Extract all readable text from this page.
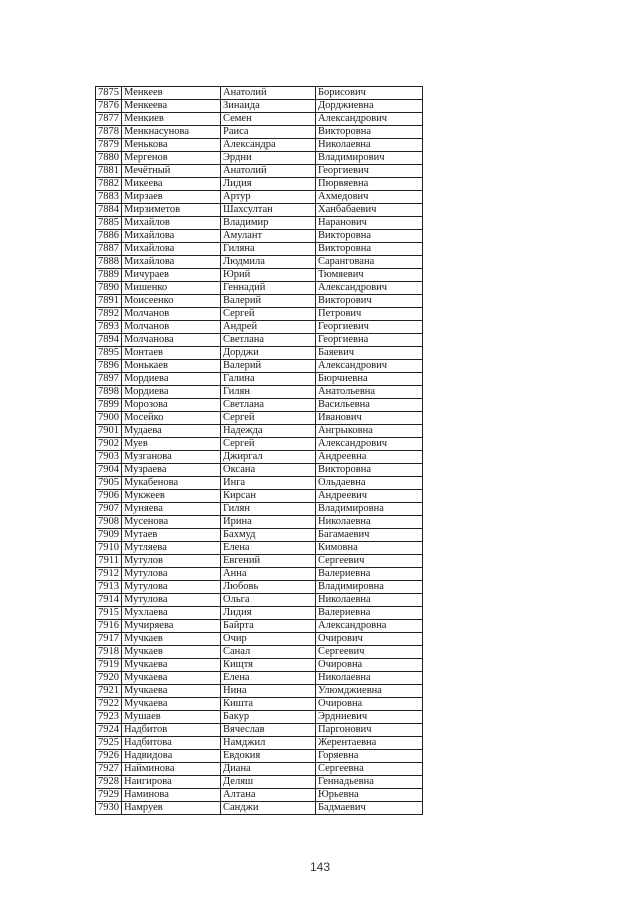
7875	Менкеев	Анатолий	Борисович
7876	Менкеева	Зинаида	Дорджиевна
7877	Менкиев	Семен	Александрович
7878	Менкнасунова	Раиса	Викторовна
7879	Менькова	Александра	Николаевна
7880	Мергенов	Эрдни	Владимирович
7881	Мечётный	Анатолий	Георгиевич
7882	Микеева	Лидия	Пюрвяевна
7883	Мирзаев	Артур	Ахмедович
7884	Мирзиметов	Шахсултан	Ханбабаевич
7885	Михайлов	Владимир	Наранович
7886	Михайлова	Амулант	Викторовна
7887	Михайлова	Гиляна	Викторовна
7888	Михайлова	Людмила	Сарангована
7889	Мичураев	Юрий	Тюмяевич
7890	Мишенко	Геннадий	Александрович
7891	Моисеенко	Валерий	Викторович
7892	Молчанов	Сергей	Петрович
7893	Молчанов	Андрей	Георгиевич
7894	Молчанова	Светлана	Георгиевна
7895	Монтаев	Дорджи	Баяевич
7896	Монькаев	Валерий	Александрович
7897	Мордиева	Галина	Бюрчиевна
7898	Мордиева	Гилян	Анатольевна
7899	Морозова	Светлана	Васильевна
7900	Мосейко	Сергей	Иванович
7901	Мудаева	Надежда	Ангрыковна
7902	Муев	Сергей	Александрович
7903	Музганова	Джиргал	Андреевна
7904	Музраева	Оксана	Викторовна
7905	Мукабенова	Инга	Ольдаевна
7906	Мукжеев	Кирсан	Андреевич
7907	Муняева	Гилян	Владимировна
7908	Мусенова	Ирина	Николаевна
7909	Мутаев	Бахмуд	Багамаевич
7910	Мутляева	Елена	Кимовна
7911	Мутулов	Евгений	Сергеевич
7912	Мутулова	Анна	Валериевна
7913	Мутулова	Любовь	Владимировна
7914	Мутулова	Ольга	Николаевна
7915	Мухлаева	Лидия	Валериевна
7916	Мучиряева	Байрта	Александровна
7917	Мучкаев	Очир	Очирович
7918	Мучкаев	Санал	Сергеевич
7919	Мучкаева	Кищтя	Очировна
7920	Мучкаева	Елена	Николаевна
7921	Мучкаева	Нина	Улюмджиевна
7922	Мучкаева	Кишта	Очировна
7923	Мушаев	Бакур	Эрдниевич
7924	Надбитов	Вячеслав	Паргонович
7925	Надбитова	Намджил	Жерентаевна
7926	Надвидова	Евдокия	Горяевна
7927	Найминова	Диана	Сергеевна
7928	Наигирова	Деляш	Геннадьевна
7929	Наминова	Алтана	Юрьевна
7930	Намруев	Санджи	Бадмаевич
143
